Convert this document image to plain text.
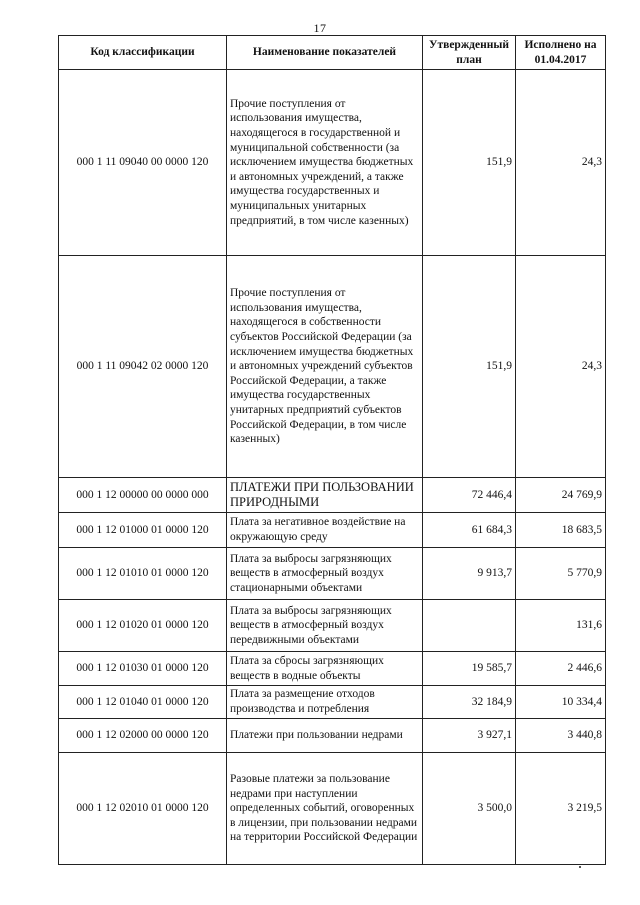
17
Код классификации	Наименование показателей	Утвержденный план	Исполнено на 01.04.2017
000 1 11 09040 00 0000 120	Прочие поступления от использования имущества, находящегося в государственной и муниципальной собственности (за исключением имущества бюджетных и автономных учреждений, а также имущества государственных и муниципальных унитарных предприятий, в том числе казенных)	151,9	24,3
000 1 11 09042 02 0000 120	Прочие поступления от использования имущества, находящегося в собственности субъектов Российской Федерации (за исключением имущества бюджетных и автономных учреждений субъектов Российской Федерации, а также имущества государственных унитарных предприятий субъектов Российской Федерации, в том числе казенных)	151,9	24,3
000 1 12 00000 00 0000 000	ПЛАТЕЖИ ПРИ ПОЛЬЗОВАНИИ ПРИРОДНЫМИ	72 446,4	24 769,9
000 1 12 01000 01 0000 120	Плата за негативное воздействие на окружающую среду	61 684,3	18 683,5
000 1 12 01010 01 0000 120	Плата за выбросы загрязняющих веществ в атмосферный воздух стационарными объектами	9 913,7	5 770,9
000 1 12 01020 01 0000 120	Плата за выбросы загрязняющих веществ в атмосферный воздух передвижными объектами		131,6
000 1 12 01030 01 0000 120	Плата за сбросы загрязняющих веществ в водные объекты	19 585,7	2 446,6
000 1 12 01040 01 0000 120	Плата за размещение отходов производства и потребления	32 184,9	10 334,4
000 1 12 02000 00 0000 120	Платежи при пользовании недрами	3 927,1	3 440,8
000 1 12 02010 01 0000 120	Разовые платежи за пользование недрами при наступлении определенных событий, оговоренных в лицензии, при пользовании недрами на территории Российской Федерации	3 500,0	3 219,5
